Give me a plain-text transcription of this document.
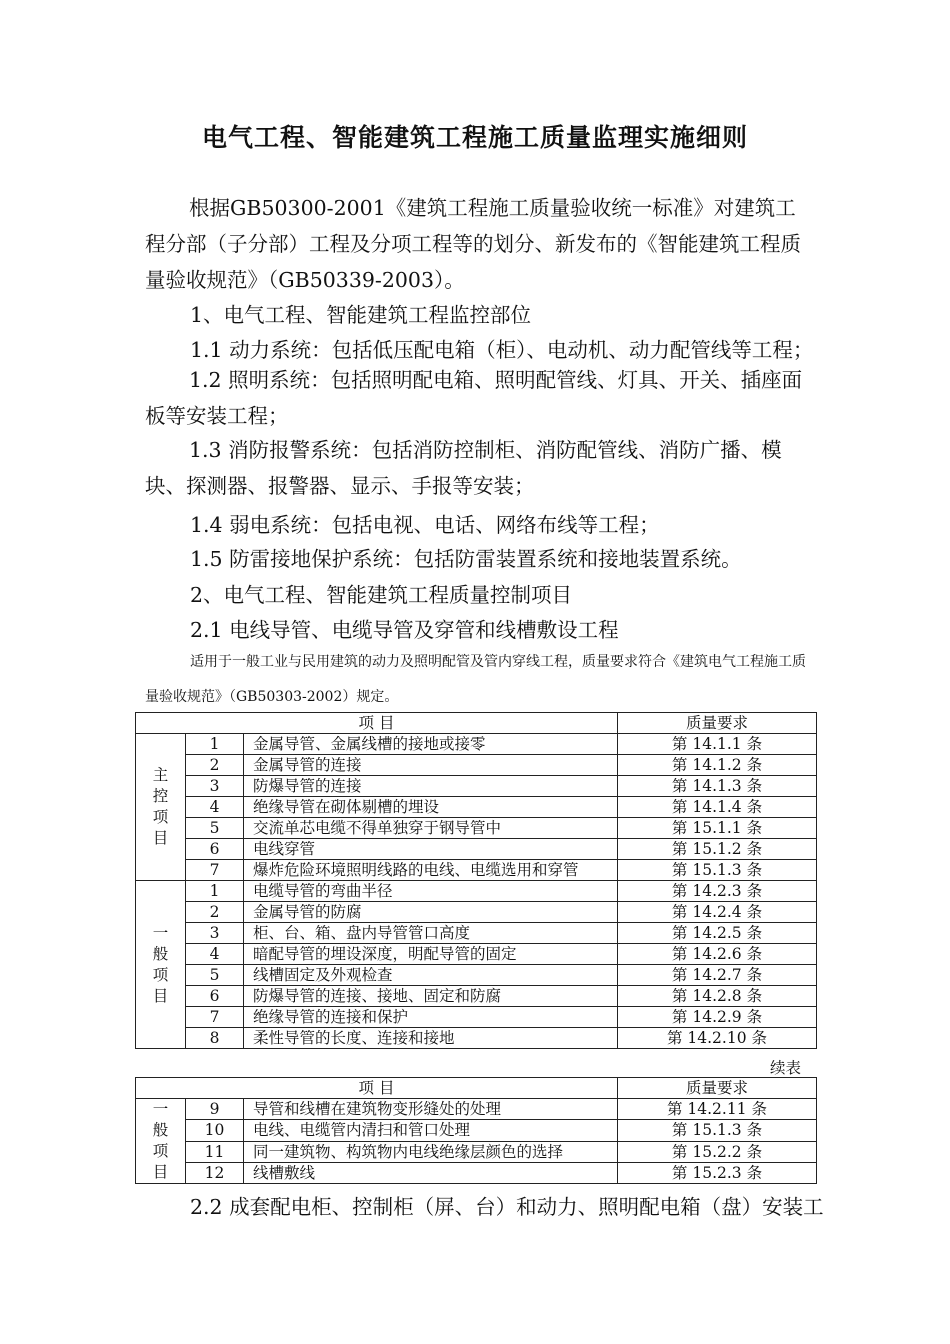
电气工程、智能建筑工程施工质量监理实施细则
根据GB50300-2001《建筑工程施工质量验收统一标准》对建筑工程分部（子分部）工程及分项工程等的划分、新发布的《智能建筑工程质量验收规范》（GB50339-2003）。
1、电气工程、智能建筑工程监控部位
1.1 动力系统：包括低压配电箱（柜）、电动机、动力配管线等工程；
1.2 照明系统：包括照明配电箱、照明配管线、灯具、开关、插座面板等安装工程；
1.3 消防报警系统：包括消防控制柜、消防配管线、消防广播、模块、探测器、报警器、显示、手报等安装；
1.4 弱电系统：包括电视、电话、网络布线等工程；
1.5 防雷接地保护系统：包括防雷装置系统和接地装置系统。
2、电气工程、智能建筑工程质量控制项目
2.1 电线导管、电缆导管及穿管和线槽敷设工程
适用于一般工业与民用建筑的动力及照明配管及管内穿线工程，质量要求符合《建筑电气工程施工质量验收规范》（GB50303-2002）规定。
项 目			质量要求
主
控
项
目	1	金属导管、金属线槽的接地或接零	第 14.1.1 条
	2	金属导管的连接	第 14.1.2 条
	3	防爆导管的连接	第 14.1.3 条
	4	绝缘导管在砌体剔槽的埋设	第 14.1.4 条
	5	交流单芯电缆不得单独穿于钢导管中	第 15.1.1 条
	6	电线穿管	第 15.1.2 条
	7	爆炸危险环境照明线路的电线、电缆选用和穿管	第 15.1.3 条
一
般
项
目	1	电缆导管的弯曲半径	第 14.2.3 条
	2	金属导管的防腐	第 14.2.4 条
	3	柜、台、箱、盘内导管管口高度	第 14.2.5 条
	4	暗配导管的埋设深度，明配导管的固定	第 14.2.6 条
	5	线槽固定及外观检查	第 14.2.7 条
	6	防爆导管的连接、接地、固定和防腐	第 14.2.8 条
	7	绝缘导管的连接和保护	第 14.2.9 条
	8	柔性导管的长度、连接和接地	第 14.2.10 条
续表
项 目			质量要求
一
般
项
目	9	导管和线槽在建筑物变形缝处的处理	第 14.2.11 条
	10	电线、电缆管内清扫和管口处理	第 15.1.3 条
	11	同一建筑物、构筑物内电线绝缘层颜色的选择	第 15.2.2 条
	12	线槽敷线	第 15.2.3 条
2.2 成套配电柜、控制柜（屏、台）和动力、照明配电箱（盘）安装工
